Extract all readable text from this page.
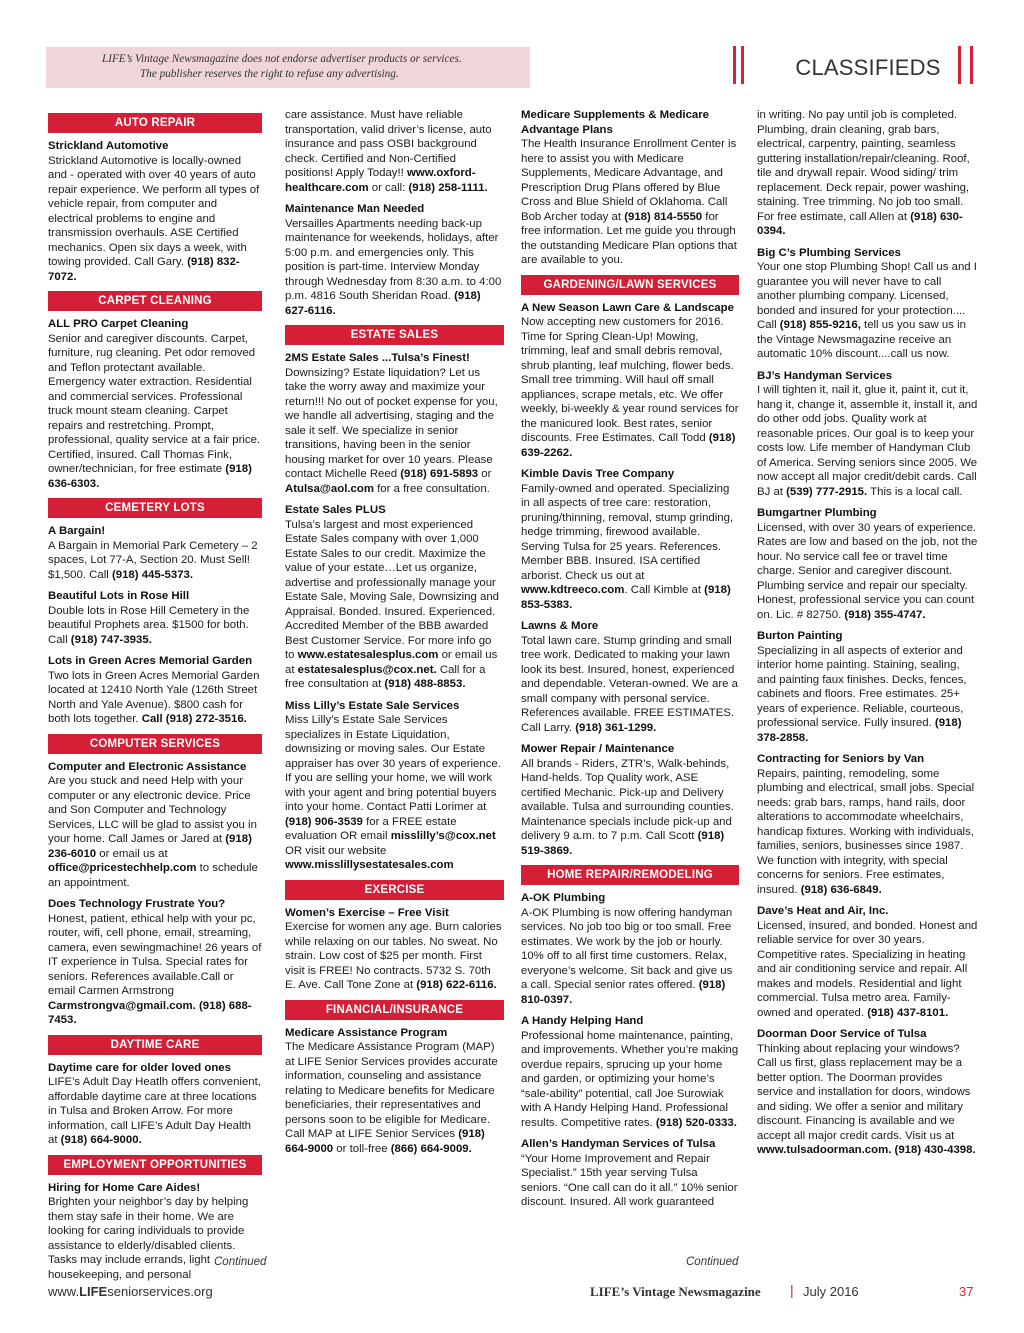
LIFE’s Vintage Newsmagazine does not endorse advertiser products or services.
The publisher reserves the right to refuse any advertising.	CLASSIFIEDS
AUTO REPAIR
Strickland Automotive
Strickland Automotive is locally-owned and - operated with over 40 years of auto repair experience. We perform all types of vehicle repair, from computer and electrical problems to engine and transmission overhauls. ASE Certified mechanics. Open six days a week, with towing provided. Call Gary. (918) 832-7072.
CARPET CLEANING
ALL PRO Carpet Cleaning
Senior and caregiver discounts. Carpet, furniture, rug cleaning. Pet odor removed and Teflon protectant available. Emergency water extraction. Residential and commercial services. Professional truck mount steam cleaning. Carpet repairs and restretching. Prompt, professional, quality service at a fair price. Certified, insured. Call Thomas Fink, owner/technician, for free estimate (918) 636-6303.
CEMETERY LOTS
A Bargain!
A Bargain in Memorial Park Cemetery – 2 spaces, Lot 77-A, Section 20. Must Sell! $1,500. Call (918) 445-5373.
Beautiful Lots in Rose Hill
Double lots in Rose Hill Cemetery in the beautiful Prophets area. $1500 for both. Call (918) 747-3935.
Lots in Green Acres Memorial Garden
Two lots in Green Acres Memorial Garden located at 12410 North Yale (126th Street North and Yale Avenue). $800 cash for both lots together. Call (918) 272-3516.
COMPUTER SERVICES
Computer and Electronic Assistance
Are you stuck and need Help with your computer or any electronic device. Price and Son Computer and Technology Services, LLC will be glad to assist you in your home. Call James or Jared at (918) 236-6010 or email us at office@pricestechhelp.com to schedule an appointment.
Does Technology Frustrate You?
Honest, patient, ethical help with your pc, router, wifi, cell phone, email, streaming, camera, even sewingmachine! 26 years of IT experience in Tulsa. Special rates for seniors. References available.Call or email Carmen Armstrong Carmstrongva@gmail.com. (918) 688-7453.
DAYTIME CARE
Daytime care for older loved ones
LIFE’s Adult Day Heatlh offers convenient, affordable daytime care at three locations in Tulsa and Broken Arrow. For more information, call LIFE’s Adult Day Health at (918) 664-9000.
EMPLOYMENT OPPORTUNITIES
Hiring for Home Care Aides!
Brighten your neighbor’s day by helping them stay safe in their home. We are looking for caring individuals to provide assistance to elderly/disabled clients. Tasks may include errands, light housekeeping, and personal
care assistance. Must have reliable transportation, valid driver’s license, auto insurance and pass OSBI background check. Certified and Non-Certified positions! Apply Today!! www.oxford-healthcare.com or call: (918) 258-1111.
Maintenance Man Needed
Versailles Apartments needing back-up maintenance for weekends, holidays, after 5:00 p.m. and emergencies only. This position is part-time. Interview Monday through Wednesday from 8:30 a.m. to 4:00 p.m. 4816 South Sheridan Road. (918) 627-6116.
ESTATE SALES
2MS Estate Sales ...Tulsa’s Finest!
Downsizing? Estate liquidation? Let us take the worry away and maximize your return!!! No out of pocket expense for you, we handle all advertising, staging and the sale it self. We specialize in senior transitions, having been in the senior housing market for over 10 years. Please contact Michelle Reed (918) 691-5893 or Atulsa@aol.com for a free consultation.
Estate Sales PLUS
Tulsa’s largest and most experienced Estate Sales company with over 1,000 Estate Sales to our credit. Maximize the value of your estate…Let us organize, advertise and professionally manage your Estate Sale, Moving Sale, Downsizing and Appraisal. Bonded. Insured. Experienced. Accredited Member of the BBB awarded Best Customer Service. For more info go to www.estatesalesplus.com or email us at estatesalesplus@cox.net. Call for a free consultation at (918) 488-8853.
Miss Lilly’s Estate Sale Services
Miss Lilly’s Estate Sale Services specializes in Estate Liquidation, downsizing or moving sales. Our Estate appraiser has over 30 years of experience. If you are selling your home, we will work with your agent and bring potential buyers into your home. Contact Patti Lorimer at (918) 906-3539 for a FREE estate evaluation OR email misslilly’s@cox.net OR visit our website www.misslillysestatesales.com
EXERCISE
Women’s Exercise – Free Visit
Exercise for women any age. Burn calories while relaxing on our tables. No sweat. No strain. Low cost of $25 per month. First visit is FREE! No contracts. 5732 S. 70th E. Ave. Call Tone Zone at (918) 622-6116.
FINANCIAL/INSURANCE
Medicare Assistance Program
The Medicare Assistance Program (MAP) at LIFE Senior Services provides accurate information, counseling and assistance relating to Medicare benefits for Medicare beneficiaries, their representatives and persons soon to be eligible for Medicare. Call MAP at LIFE Senior Services (918) 664-9000 or toll-free (866) 664-9009.
Medicare Supplements & Medicare Advantage Plans
The Health Insurance Enrollment Center is here to assist you with Medicare Supplements, Medicare Advantage, and Prescription Drug Plans offered by Blue Cross and Blue Shield of Oklahoma. Call Bob Archer today at (918) 814-5550 for free information. Let me guide you through the outstanding Medicare Plan options that are available to you.
GARDENING/LAWN SERVICES
A New Season Lawn Care & Landscape
Now accepting new customers for 2016. Time for Spring Clean-Up! Mowing, trimming, leaf and small debris removal, shrub planting, leaf mulching, flower beds. Small tree trimming. Will haul off small appliances, scrape metals, etc. We offer weekly, bi-weekly & year round services for the manicured look. Best rates, senior discounts. Free Estimates. Call Todd (918) 639-2262.
Kimble Davis Tree Company
Family-owned and operated. Specializing in all aspects of tree care: restoration, pruning/thinning, removal, stump grinding, hedge trimming, firewood available. Serving Tulsa for 25 years. References. Member BBB. Insured. ISA certified arborist. Check us out at www.kdtreeco.com. Call Kimble at (918) 853-5383.
Lawns & More
Total lawn care. Stump grinding and small tree work. Dedicated to making your lawn look its best. Insured, honest, experienced and dependable. Veteran-owned. We are a small company with personal service. References available. FREE ESTIMATES. Call Larry. (918) 361-1299.
Mower Repair / Maintenance
All brands - Riders, ZTR’s, Walk-behinds, Hand-helds. Top Quality work, ASE certified Mechanic. Pick-up and Delivery available. Tulsa and surrounding counties. Maintenance specials include pick-up and delivery 9 a.m. to 7 p.m. Call Scott (918) 519-3869.
HOME REPAIR/REMODELING
A-OK Plumbing
A-OK Plumbing is now offering handyman services. No job too big or too small. Free estimates. We work by the job or hourly. 10% off to all first time customers. Relax, everyone’s welcome. Sit back and give us a call. Special senior rates offered. (918) 810-0397.
A Handy Helping Hand
Professional home maintenance, painting, and improvements. Whether you’re making overdue repairs, sprucing up your home and garden, or optimizing your home’s “sale-ability” potential, call Joe Surowiak with A Handy Helping Hand. Professional results. Competitive rates. (918) 520-0333.
Allen’s Handyman Services of Tulsa
“Your Home Improvement and Repair Specialist.” 15th year serving Tulsa seniors. “One call can do it all.” 10% senior discount. Insured. All work guaranteed
in writing. No pay until job is completed. Plumbing, drain cleaning, grab bars, electrical, carpentry, painting, seamless guttering installation/repair/cleaning. Roof, tile and drywall repair. Wood siding/ trim replacement. Deck repair, power washing, staining. Tree trimming. No job too small. For free estimate, call Allen at (918) 630-0394.
Big C’s Plumbing Services
Your one stop Plumbing Shop! Call us and I guarantee you will never have to call another plumbing company. Licensed, bonded and insured for your protection.... Call (918) 855-9216, tell us you saw us in the Vintage Newsmagazine receive an automatic 10% discount....call us now.
BJ’s Handyman Services
I will tighten it, nail it, glue it, paint it, cut it, hang it, change it, assemble it, install it, and do other odd jobs. Quality work at reasonable prices. Our goal is to keep your costs low. Life member of Handyman Club of America. Serving seniors since 2005. We now accept all major credit/debit cards. Call BJ at (539) 777-2915. This is a local call.
Bumgartner Plumbing
Licensed, with over 30 years of experience. Rates are low and based on the job, not the hour. No service call fee or travel time charge. Senior and caregiver discount. Plumbing service and repair our specialty. Honest, professional service you can count on. Lic. # 82750. (918) 355-4747.
Burton Painting
Specializing in all aspects of exterior and interior home painting. Staining, sealing, and painting faux finishes. Decks, fences, cabinets and floors. Free estimates. 25+ years of experience. Reliable, courteous, professional service. Fully insured. (918) 378-2858.
Contracting for Seniors by Van
Repairs, painting, remodeling, some plumbing and electrical, small jobs. Special needs: grab bars, ramps, hand rails, door alterations to accommodate wheelchairs, handicap fixtures. Working with individuals, families, seniors, businesses since 1987. We function with integrity, with special concerns for seniors. Free estimates, insured. (918) 636-6849.
Dave’s Heat and Air, Inc.
Licensed, insured, and bonded. Honest and reliable service for over 30 years. Competitive rates. Specializing in heating and air conditioning service and repair. All makes and models. Residential and light commercial. Tulsa metro area. Family-owned and operated. (918) 437-8101.
Doorman Door Service of Tulsa
Thinking about replacing your windows? Call us first, glass replacement may be a better option. The Doorman provides service and installation for doors, windows and siding. We offer a senior and military discount. Financing is available and we accept all major credit cards. Visit us at www.tulsadoorman.com. (918) 430-4398.
Continued	Continued
www.LIFEseniorservices.org	LIFE’s Vintage Newsmagazine | July 2016	37
